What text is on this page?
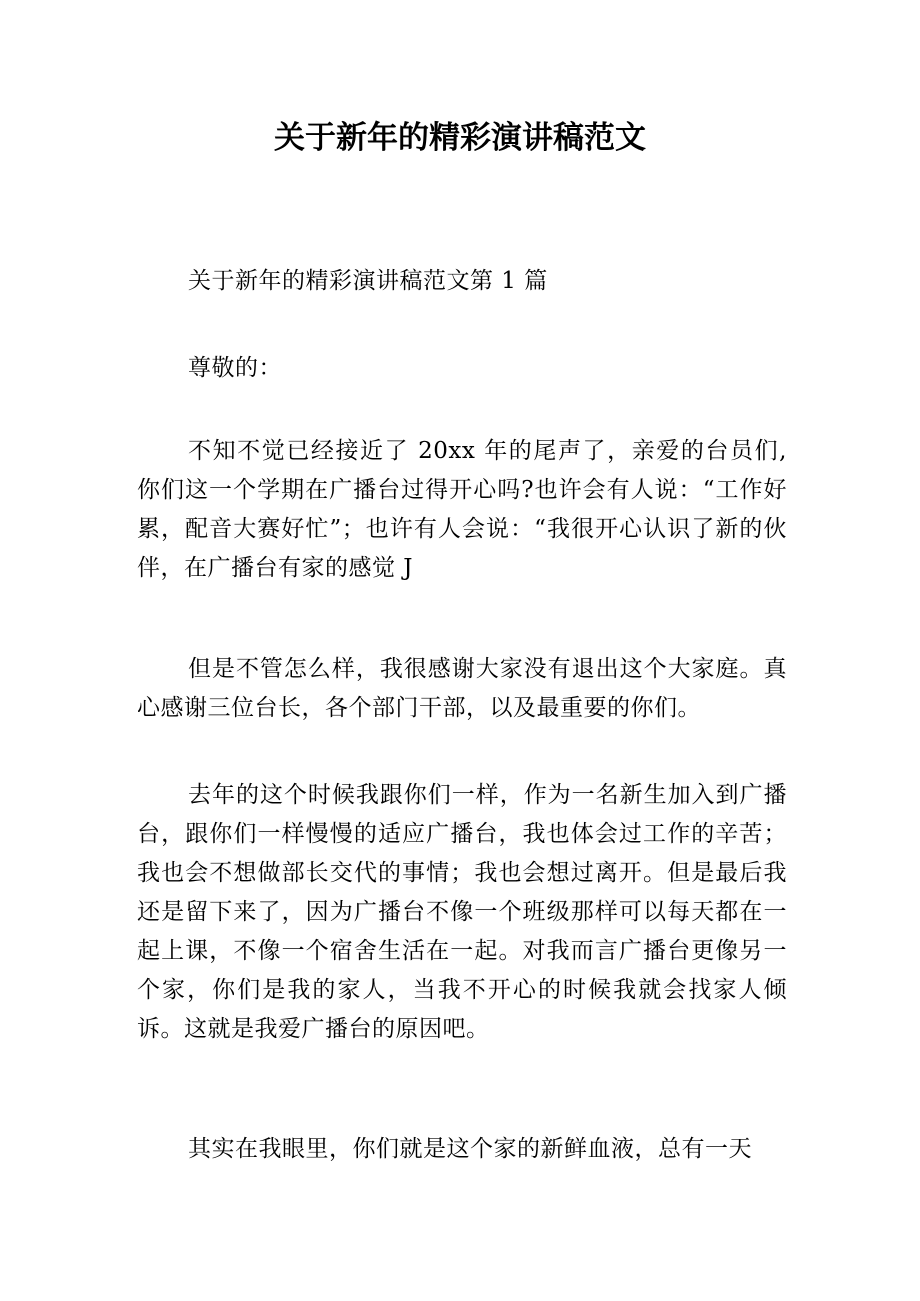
关于新年的精彩演讲稿范文
关于新年的精彩演讲稿范文第 1 篇
尊敬的：
不知不觉已经接近了 20xx 年的尾声了，亲爱的台员们, 你们这一个学期在广播台过得开心吗?也许会有人说：“工作好累，配音大赛好忙”；也许有人会说：“我很开心认识了新的伙伴，在广播台有家的感觉 J
但是不管怎么样，我很感谢大家没有退出这个大家庭。真心感谢三位台长，各个部门干部，以及最重要的你们。
去年的这个时候我跟你们一样，作为一名新生加入到广播台，跟你们一样慢慢的适应广播台，我也体会过工作的辛苦；我也会不想做部长交代的事情；我也会想过离开。但是最后我还是留下来了，因为广播台不像一个班级那样可以每天都在一起上课，不像一个宿舍生活在一起。对我而言广播台更像另一个家，你们是我的家人，当我不开心的时候我就会找家人倾诉。这就是我爱广播台的原因吧。
其实在我眼里，你们就是这个家的新鲜血液，总有一天
